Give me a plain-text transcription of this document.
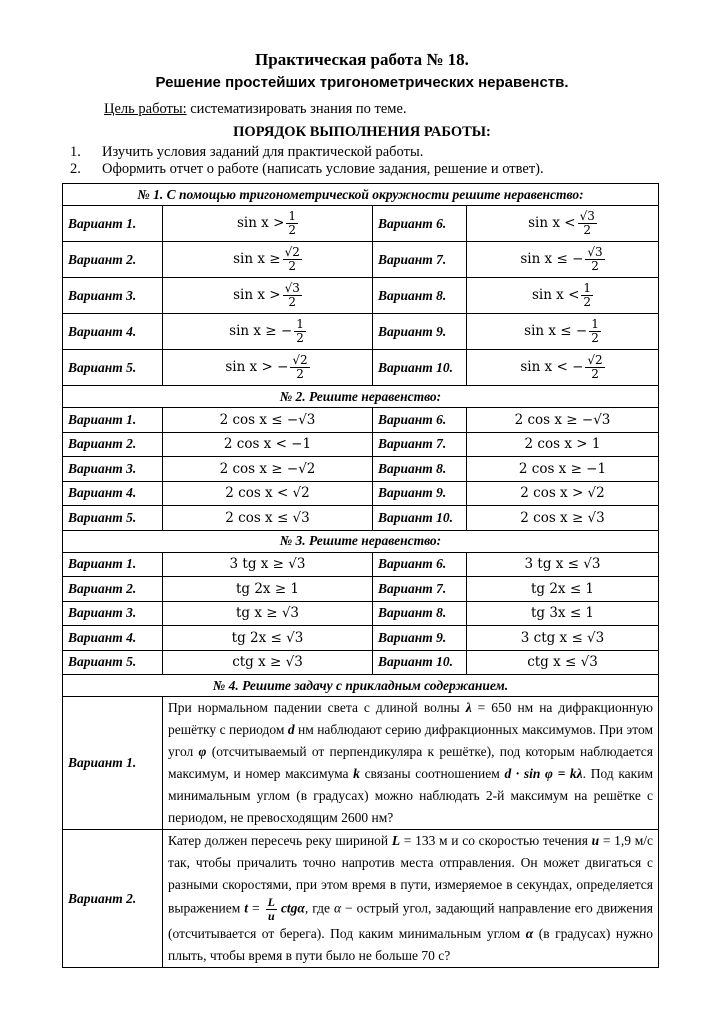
Практическая работа № 18.
Решение простейших тригонометрических неравенств.
Цель работы: систематизировать знания по теме.
ПОРЯДОК ВЫПОЛНЕНИЯ РАБОТЫ:
1. Изучить условия заданий для практической работы.
2. Оформить отчет о работе (написать условие задания, решение и ответ).
№ 1. С помощью тригонометрической окружности решите неравенство:			
Вариант 1.	$\sin x > \frac{1}{2}$	Вариант 6.	$\sin x < \frac{√3}{2}$

Вариант 2.	$\sin x \ge \frac{√2}{2}$	Вариант 7.	sin x ≤ − $\frac{√3}{2}$

Вариант 3.	$\sin x > \frac{√3}{2}$	Вариант 8.	$\sin x < \frac{1}{2}$

Вариант 4.	sin x ≥ − $\frac{1}{2}$	Вариант 9.	sin x ≤ − $\frac{1}{2}$

Вариант 5.	sin x > − $\frac{√2}{2}$	Вариант 10.	sin x < − $\frac{√2}{2}$

№ 2. Решите неравенство:			
Вариант 1.	2 cos x ≤ −√3	Вариант 6.	2 cos x ≥ −√3
Вариант 2.	2 cos x < −1	Вариант 7.	2 cos x > 1
Вариант 3.	2 cos x ≥ −√2	Вариант 8.	2 cos x ≥ −1
Вариант 4.	2 cos x < √2	Вариант 9.	2 cos x > √2
Вариант 5.	2 cos x ≤ √3	Вариант 10.	2 cos x ≥ √3
№ 3. Решите неравенство:			
Вариант 1.	3 tg x ≥ √3	Вариант 6.	3 tg x ≤ √3
Вариант 2.	tg 2x ≥ 1	Вариант 7.	tg 2x ≤ 1
Вариант 3.	tg x ≥ √3	Вариант 8.	tg 3x ≤ 1
Вариант 4.	tg 2x ≤ √3	Вариант 9.	3 ctg x ≤ √3
Вариант 5.	ctg x ≥ √3	Вариант 10.	ctg x ≤ √3
№ 4. Решите задачу с прикладным содержанием.			
Вариант 1.	При нормальном падении света с длиной волны λ = 650 нм на дифракционную решётку с периодом d нм наблюдают серию дифракционных максимумов. При этом угол φ (отсчитываемый от перпендикуляра к решётке), под которым наблюдается максимум, и номер максимума k связаны соотношением d · sin φ = kλ. Под каким минимальным углом (в градусах) можно наблюдать 2-й максимум на решётке с периодом, не превосходящим 2600 нм?		
Вариант 2.	Катер должен пересечь реку шириной L = 133 м и со скоростью течения u = 1,9 м/с так, чтобы причалить точно напротив места отправления. Он может двигаться с разными скоростями, при этом время в пути, измеряемое в секундах, определяется выражением $t = \frac{L}{u} ctg\alpha$, где α − острый угол, задающий направление его движения (отсчитывается от берега). Под каким минимальным углом α (в градусах) нужно плыть, чтобы время в пути было не больше 70 с?		
